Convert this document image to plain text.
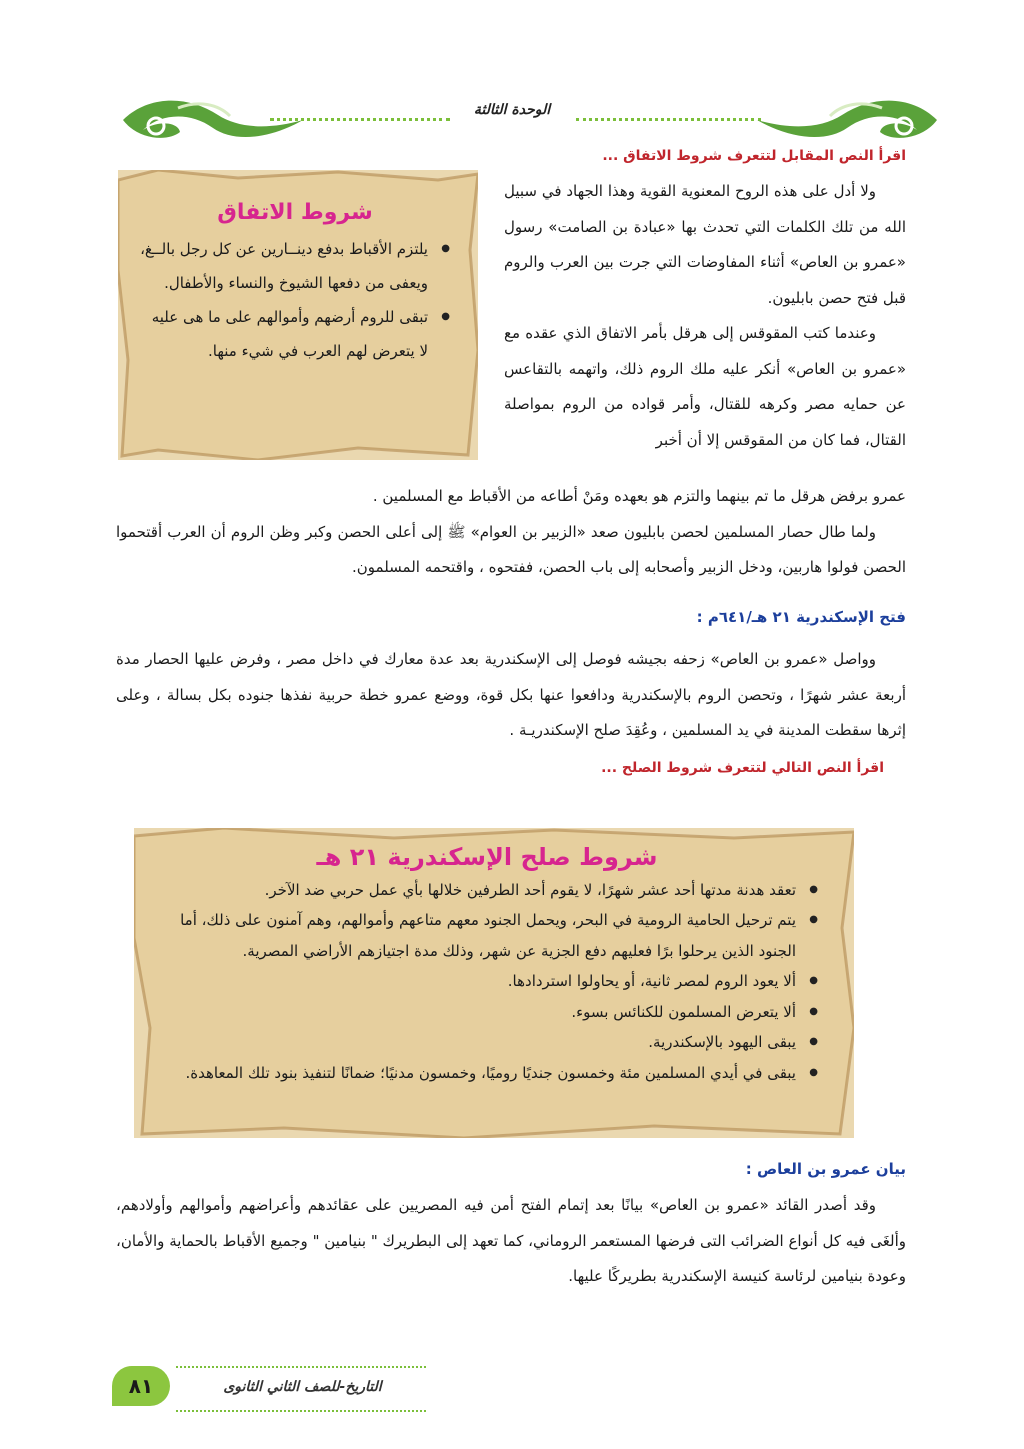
الوحدة الثالثة
اقرأ النص المقابل لتتعرف شروط الاتفاق ...
شروط الاتفاق

● يلتزم الأقباط بدفع دينــارين عن كل رجل بالــغ، ويعفى من دفعها الشيوخ والنساء والأطفال.

● تبقى للروم أرضهم وأموالهم على ما هى عليه لا يتعرض لهم العرب في شيء منها.

ولا أدل على هذه الروح المعنوية القوية وهذا الجهاد في سبيل الله من تلك الكلمات التي تحدث بها «عبادة بن الصامت» رسول «عمرو بن العاص» أثناء المفاوضات التي جرت بين العرب والروم قبل فتح حصن بابليون.

وعندما كتب المقوقس إلى هرقل بأمر الاتفاق الذي عقده مع «عمرو بن العاص» أنكر عليه ملك الروم ذلك، واتهمه بالتقاعس عن حمايه مصر وكرهه للقتال، وأمر قواده من الروم بمواصلة القتال، فما كان من المقوقس إلا أن أخبر

عمرو برفض هرقل ما تم بينهما والتزم هو بعهده ومَنْ أطاعه من الأقباط مع المسلمين .

ولما طال حصار المسلمين لحصن بابليون صعد «الزبير بن العوام» ﷺ إلى أعلى الحصن وكبر وظن الروم أن العرب أقتحموا الحصن فولوا هاربين، ودخل الزبير وأصحابه إلى باب الحصن، ففتحوه ، واقتحمه المسلمون.

فتح الإسكندرية ٢١ هـ/٦٤١م :

وواصل «عمرو بن العاص» زحفه بجيشه فوصل إلى الإسكندرية بعد عدة معارك في داخل مصر ، وفرض عليها الحصار مدة أربعة عشر شهرًا ، وتحصن الروم بالإسكندرية ودافعوا عنها بكل قوة، ووضع عمرو خطة حربية نفذها جنوده بكل بسالة ، وعلى إثرها سقطت المدينة في يد المسلمين ، وعُقِدَ صلح الإسكندريـة .

اقرأ النص التالي لتتعرف شروط الصلح ...
شروط صلح الإسكندرية ٢١ هـ

● تعقد هدنة مدتها أحد عشر شهرًا، لا يقوم أحد الطرفين خلالها بأي عمل حربي ضد الآخر.

● يتم ترحيل الحامية الرومية في البحر، ويحمل الجنود معهم متاعهم وأموالهم، وهم آمنون على ذلك، أما الجنود الذين يرحلوا برًا فعليهم دفع الجزية عن شهر، وذلك مدة اجتيازهم الأراضي المصرية.

● ألا يعود الروم لمصر ثانية، أو يحاولوا استردادها.

● ألا يتعرض المسلمون للكنائس بسوء.

● يبقى اليهود بالإسكندرية.

● يبقى في أيدي المسلمين مئة وخمسون جنديًا روميًا، وخمسون مدنيًا؛ ضمانًا لتنفيذ بنود تلك المعاهدة.

بيان عمرو بن العاص :

وقد أصدر القائد «عمرو بن العاص» بيانًا بعد إتمام الفتح أمن فيه المصريين على عقائدهم وأعراضهم وأموالهم وأولادهم، وألغَى فيه كل أنواع الضرائب التى فرضها المستعمر الروماني، كما تعهد إلى البطريرك " بنيامين " وجميع الأقباط بالحماية والأمان، وعودة بنيامين لرئاسة كنيسة الإسكندرية بطريركًا عليها.

التاريخ-للصف الثاني الثانوى
٨١
